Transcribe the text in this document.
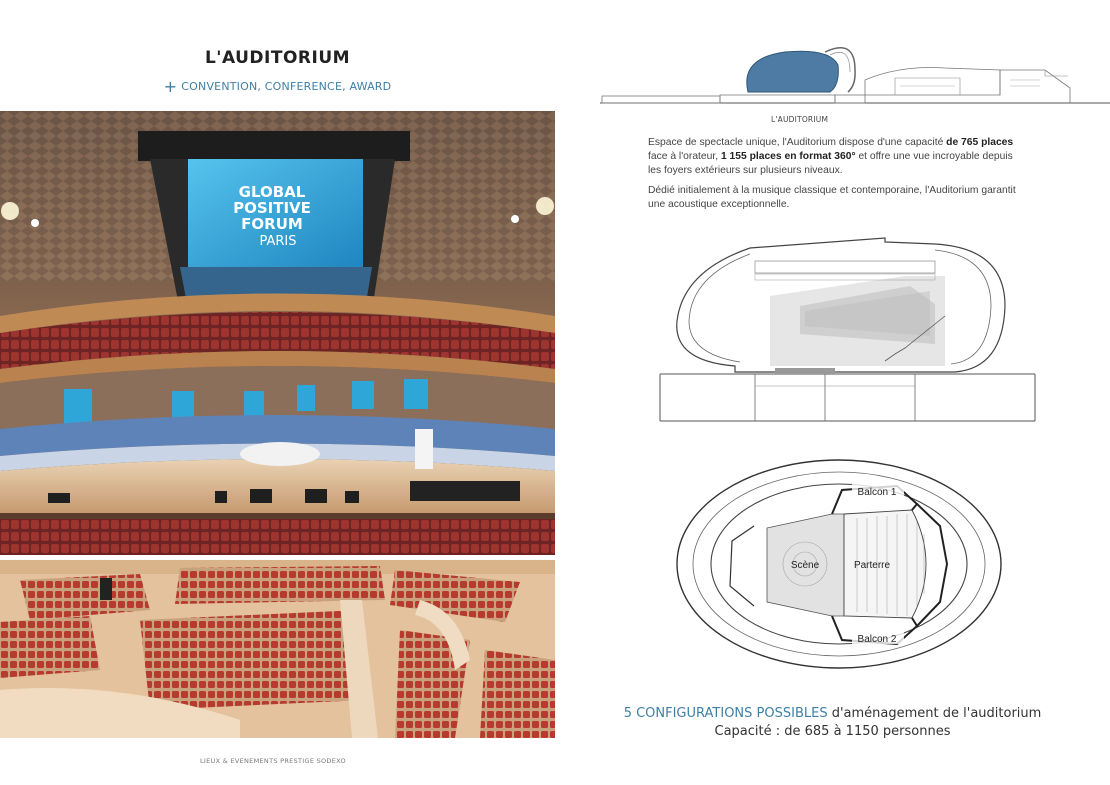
L'AUDITORIUM
+ CONVENTION, CONFERENCE, AWARD
GLOBAL
POSITIVE
FORUM
PARIS
LIEUX & EVENEMENTS PRESTIGE SODEXO
L'AUDITORIUM

Espace de spectacle unique, l'Auditorium dispose d'une capacité de 765 places face à l'orateur, 1 155 places en format 360° et offre une vue incroyable depuis les foyers extérieurs sur plusieurs niveaux.

Dédié initialement à la musique classique et contemporaine, l'Auditorium garantit une acoustique exceptionnelle.

Balcon 1
Scène	Parterre
Balcon 2
5 CONFIGURATIONS POSSIBLES d'aménagement de l'auditorium
Capacité : de 685 à 1150 personnes
